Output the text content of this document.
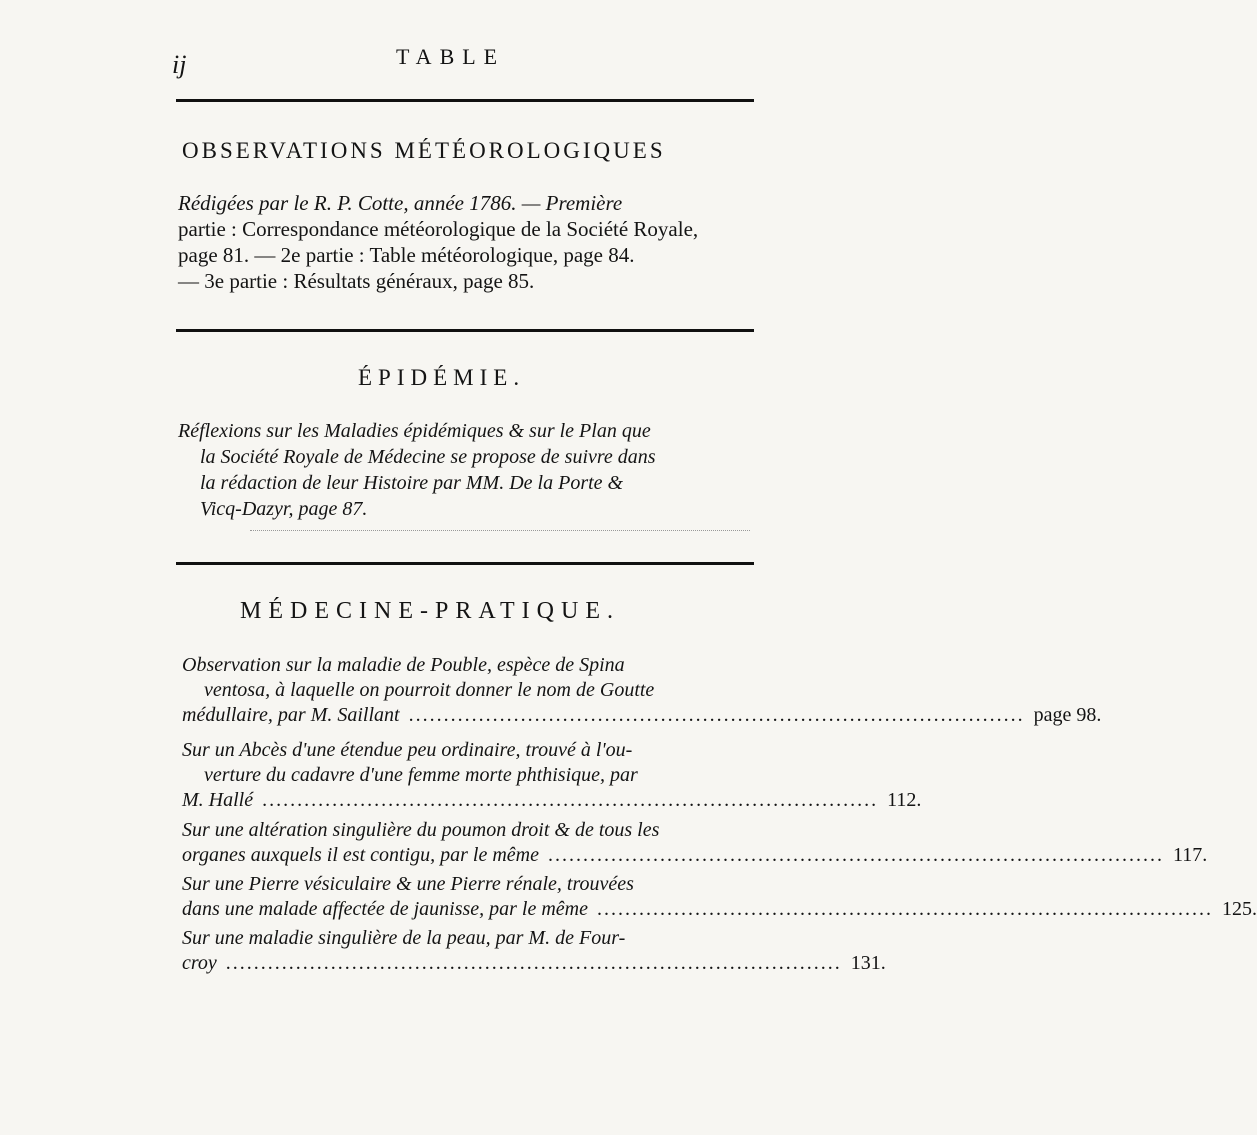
ij	TABLE
OBSERVATIONS MÉTÉOROLOGIQUES
Rédigées par le R. P. Cotte, année 1786. — Première
partie : Correspondance météorologique de la Société Royale,
page 81. — 2e partie : Table météorologique, page 84.
— 3e partie : Résultats généraux, page 85.
ÉPIDÉMIE.
Réflexions sur les Maladies épidémiques & sur le Plan que
la Société Royale de Médecine se propose de suivre dans
la rédaction de leur Histoire par MM. De la Porte &
Vicq-Dazyr, page 87.
MÉDECINE-PRATIQUE.
Observation sur la maladie de Pouble, espèce de Spina
ventosa, à laquelle on pourroit donner le nom de Goutte
médullaire, par M. Saillant ........................................................................................ page 98.
Sur un Abcès d'une étendue peu ordinaire, trouvé à l'ou-
verture du cadavre d'une femme morte phthisique, par
M. Hallé ........................................................................................ 112.
Sur une altération singulière du poumon droit & de tous les
organes auxquels il est contigu, par le même ........................................................................................ 117.
Sur une Pierre vésiculaire & une Pierre rénale, trouvées
dans une malade affectée de jaunisse, par le même ........................................................................................ 125.
Sur une maladie singulière de la peau, par M. de Four-
croy ........................................................................................ 131.
